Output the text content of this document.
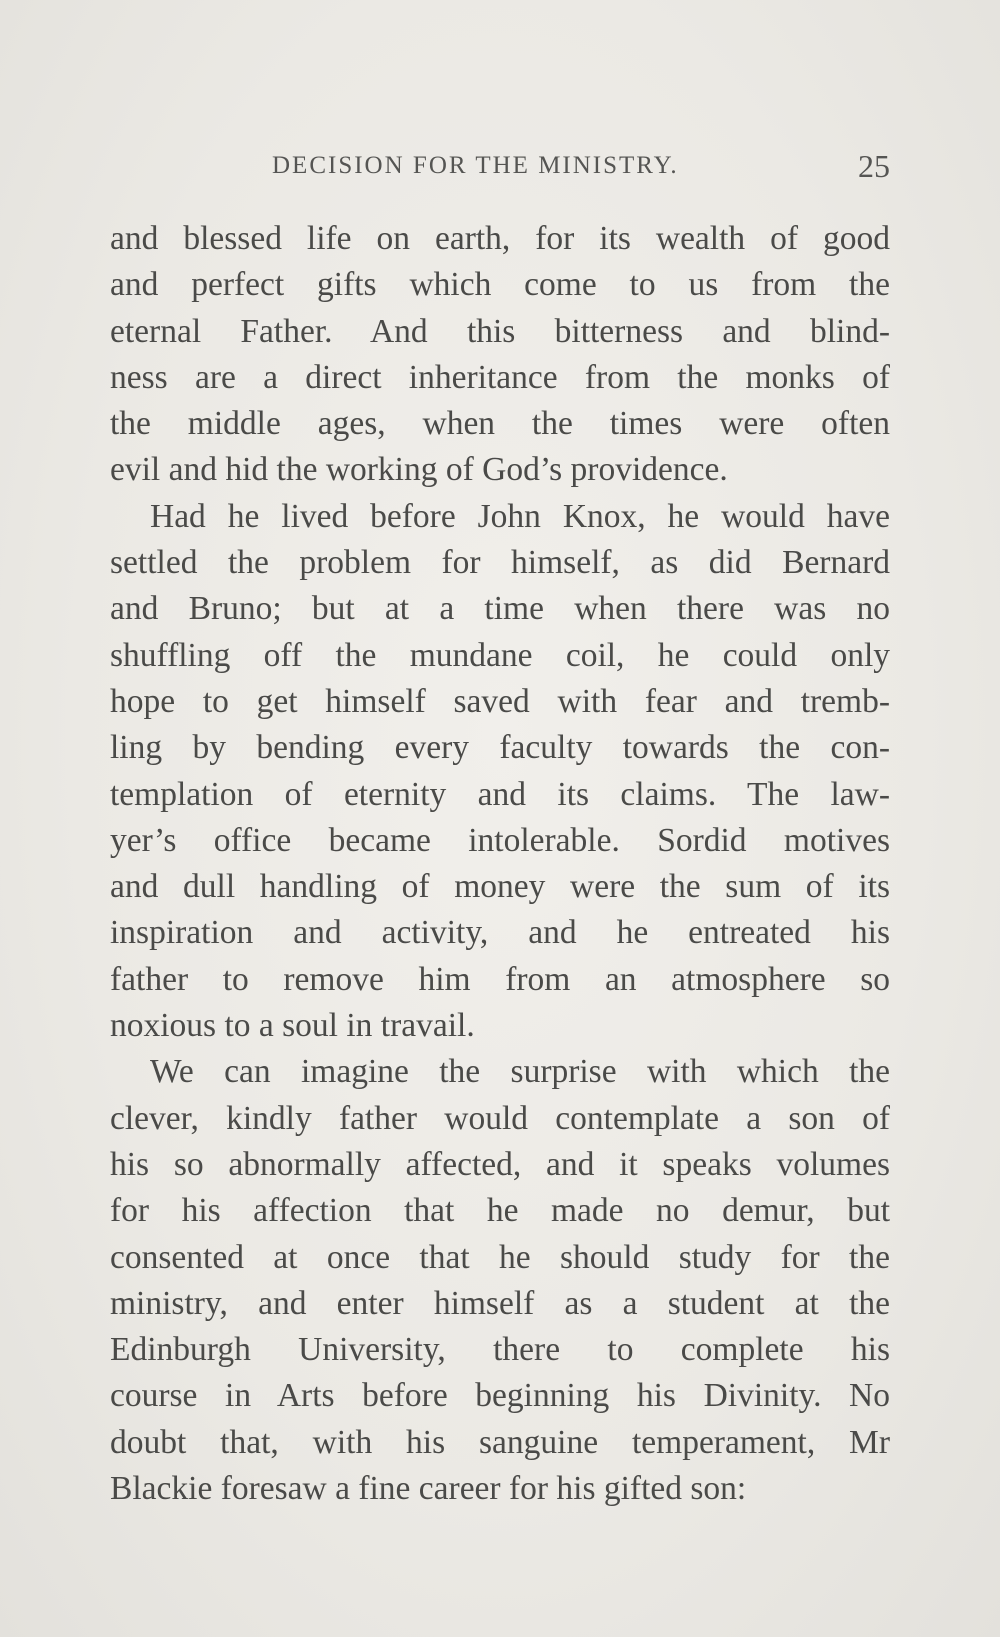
DECISION FOR THE MINISTRY.	25
and blessed life on earth, for its wealth of good
and perfect gifts which come to us from the
eternal Father. And this bitterness and blind-
ness are a direct inheritance from the monks of
the middle ages, when the times were often
evil and hid the working of God’s providence.
Had he lived before John Knox, he would have
settled the problem for himself, as did Bernard
and Bruno; but at a time when there was no
shuffling off the mundane coil, he could only
hope to get himself saved with fear and tremb-
ling by bending every faculty towards the con-
templation of eternity and its claims. The law-
yer’s office became intolerable. Sordid motives
and dull handling of money were the sum of its
inspiration and activity, and he entreated his
father to remove him from an atmosphere so
noxious to a soul in travail.
We can imagine the surprise with which the
clever, kindly father would contemplate a son of
his so abnormally affected, and it speaks volumes
for his affection that he made no demur, but
consented at once that he should study for the
ministry, and enter himself as a student at the
Edinburgh University, there to complete his
course in Arts before beginning his Divinity. No
doubt that, with his sanguine temperament, Mr
Blackie foresaw a fine career for his gifted son:
